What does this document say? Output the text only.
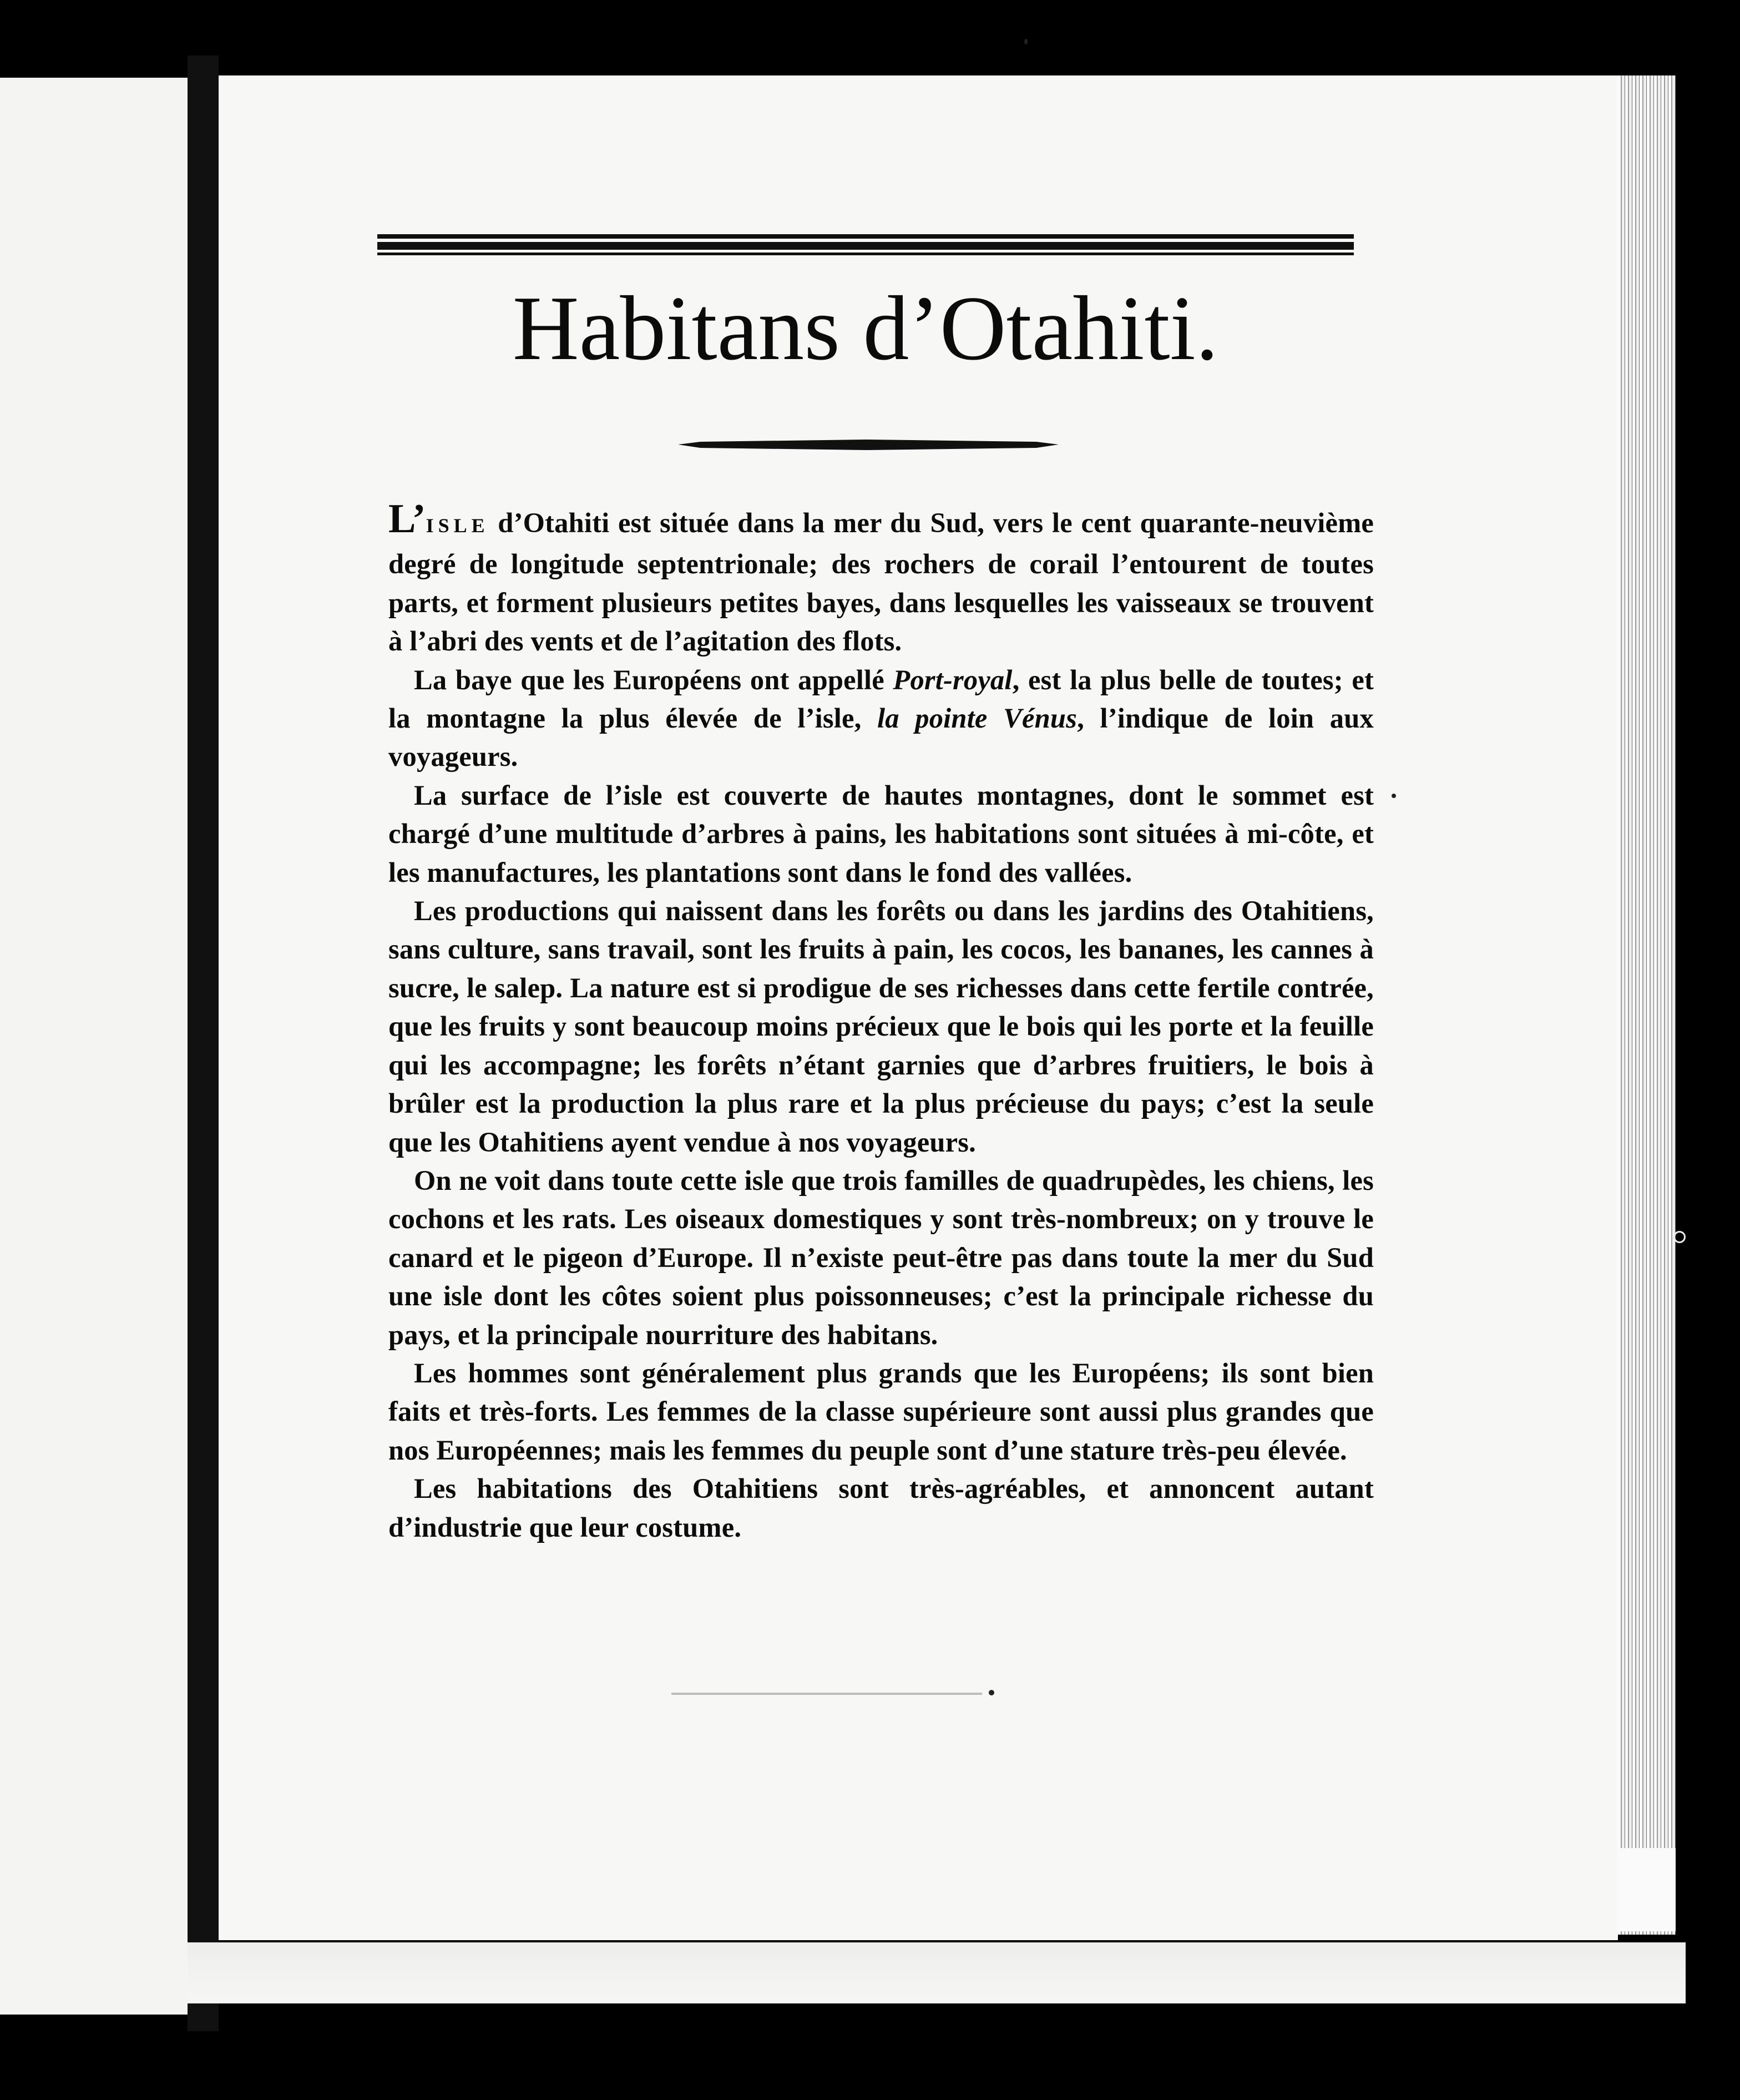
Habitans d’Otahiti.

L’ISLE d’Otahiti est située dans la mer du Sud, vers le cent quarante-neuvième degré de longitude septentrionale; des rochers de corail l’entourent de toutes parts, et forment plusieurs petites bayes, dans lesquelles les vaisseaux se trouvent à l’abri des vents et de l’agitation des flots.

La baye que les Européens ont appellé Port-royal, est la plus belle de toutes; et la montagne la plus élevée de l’isle, la pointe Vénus, l’indique de loin aux voyageurs.

La surface de l’isle est couverte de hautes montagnes, dont le sommet est chargé d’une multitude d’arbres à pains, les habitations sont situées à mi-côte, et les manufactures, les plantations sont dans le fond des vallées.

Les productions qui naissent dans les forêts ou dans les jardins des Otahitiens, sans culture, sans travail, sont les fruits à pain, les cocos, les bananes, les cannes à sucre, le salep. La nature est si prodigue de ses richesses dans cette fertile contrée, que les fruits y sont beaucoup moins précieux que le bois qui les porte et la feuille qui les accompagne; les forêts n’étant garnies que d’arbres fruitiers, le bois à brûler est la production la plus rare et la plus précieuse du pays; c’est la seule que les Otahitiens ayent vendue à nos voyageurs.

On ne voit dans toute cette isle que trois familles de quadrupèdes, les chiens, les cochons et les rats. Les oiseaux domestiques y sont très-nombreux; on y trouve le canard et le pigeon d’Europe. Il n’existe peut-être pas dans toute la mer du Sud une isle dont les côtes soient plus poissonneuses; c’est la principale richesse du pays, et la principale nourriture des habitans.

Les hommes sont généralement plus grands que les Européens; ils sont bien faits et très-forts. Les femmes de la classe supérieure sont aussi plus grandes que nos Européennes; mais les femmes du peuple sont d’une stature très-peu élevée.

Les habitations des Otahitiens sont très-agréables, et annoncent autant d’industrie que leur costume.
